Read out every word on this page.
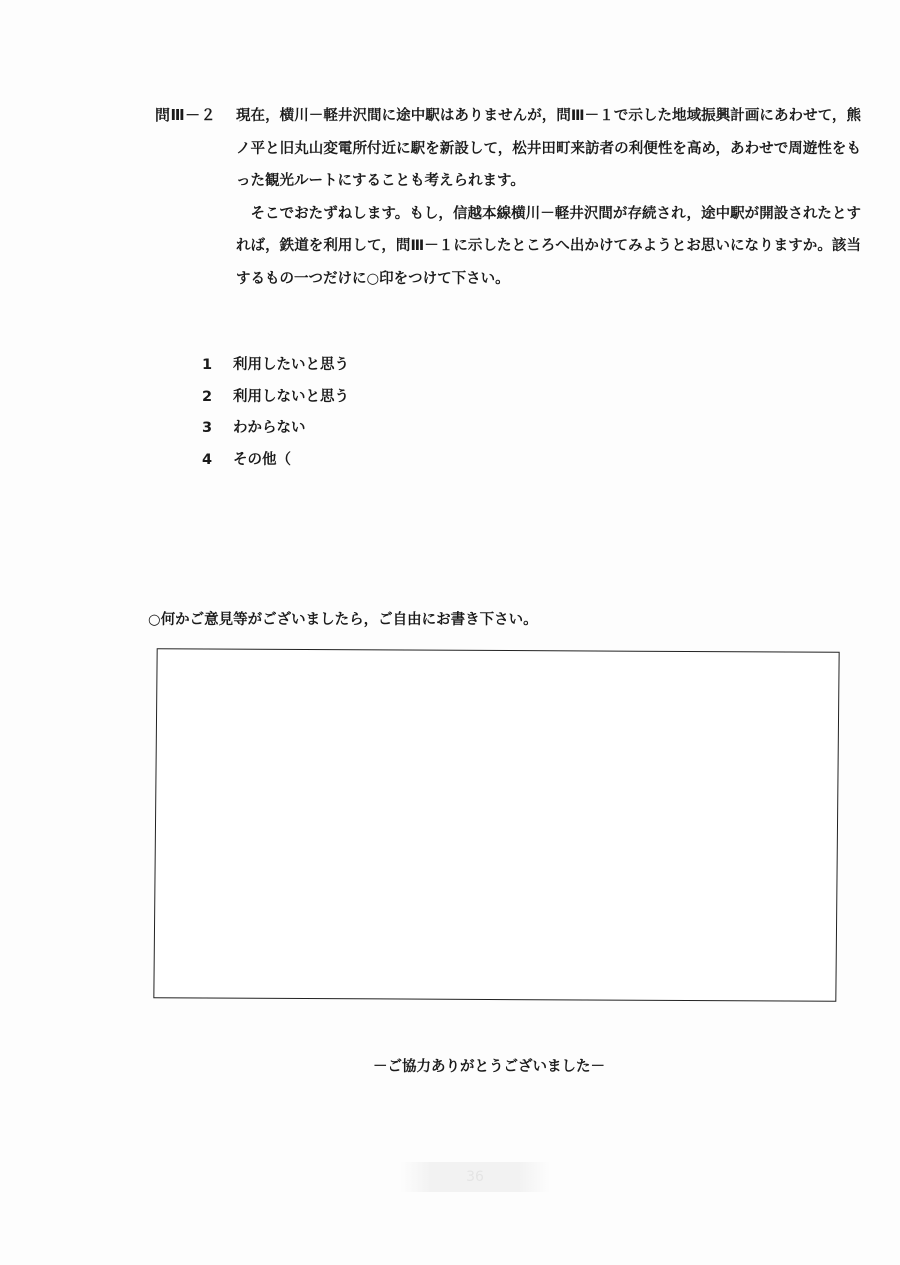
問Ⅲ－２ 現在，横川－軽井沢間に途中駅はありませんが，問Ⅲ－１で示した地域振興計画にあわせて，熊ノ平と旧丸山変電所付近に駅を新設して，松井田町来訪者の利便性を高め，あわせで周遊性をもった観光ルートにすることも考えられます。

そこでおたずねします。もし，信越本線横川－軽井沢間が存続され，途中駅が開設されたとすれば，鉄道を利用して，問Ⅲ－１に示したところへ出かけてみようとお思いになりますか。該当するもの一つだけに○印をつけて下さい。

1 利用したいと思う
2 利用しないと思う
3 わからない
4 その他（
○何かご意見等がございましたら，ご自由にお書き下さい。
－ご協力ありがとうございました－
36
